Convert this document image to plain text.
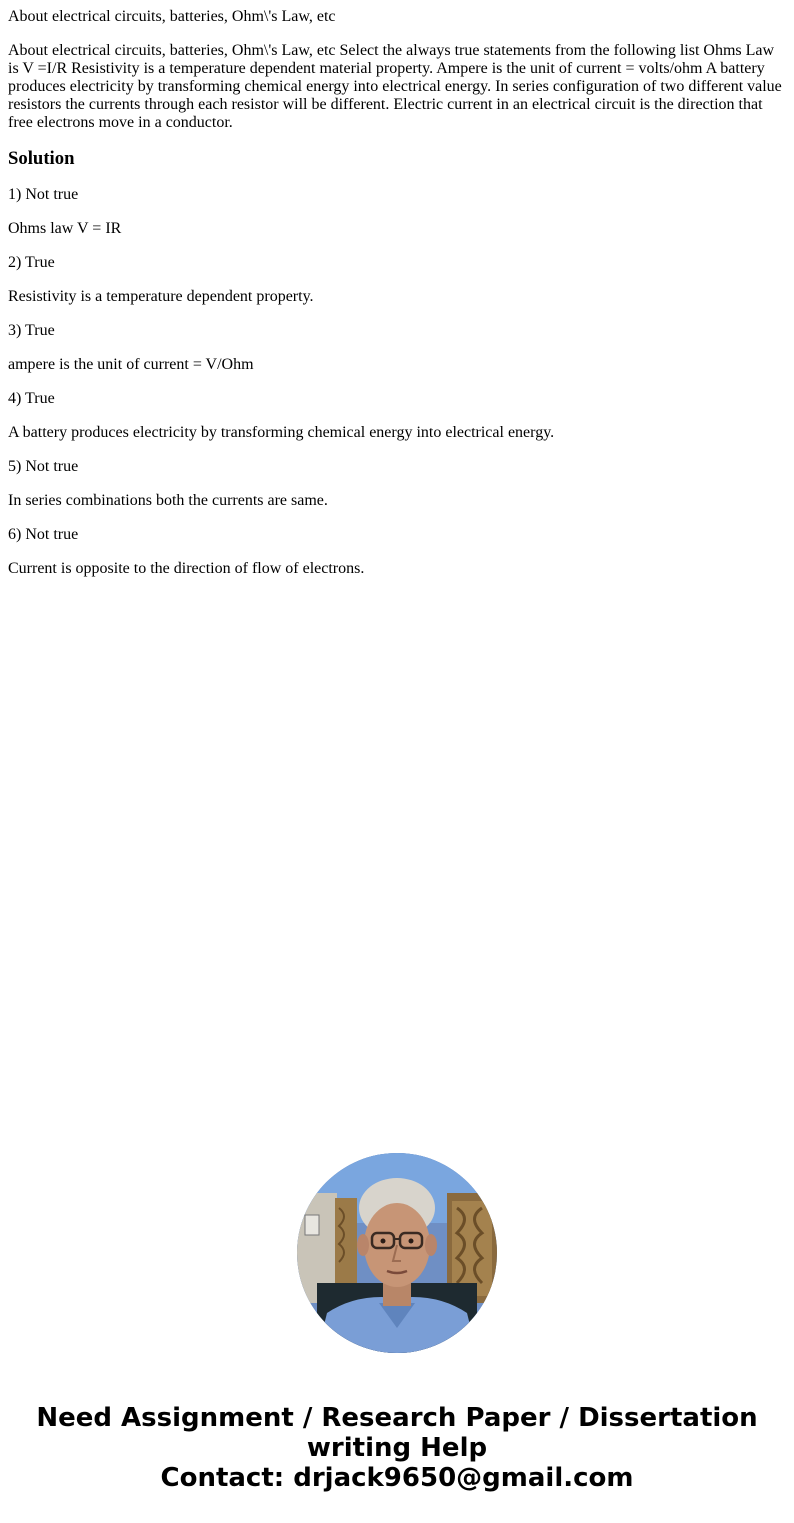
About electrical circuits, batteries, Ohm\'s Law, etc

About electrical circuits, batteries, Ohm\'s Law, etc Select the always true statements from the following list Ohms Law is V =I/R Resistivity is a temperature dependent material property. Ampere is the unit of current = volts/ohm A battery produces electricity by transforming chemical energy into electrical energy. In series configuration of two different value resistors the currents through each resistor will be different. Electric current in an electrical circuit is the direction that free electrons move in a conductor.

Solution

1) Not true

Ohms law V = IR

2) True

Resistivity is a temperature dependent property.

3) True

ampere is the unit of current = V/Ohm

4) True

A battery produces electricity by transforming chemical energy into electrical energy.

5) Not true

In series combinations both the currents are same.

6) Not true

Current is opposite to the direction of flow of electrons.

Need Assignment / Research Paper / Dissertation
writing Help
Contact: drjack9650@gmail.com
